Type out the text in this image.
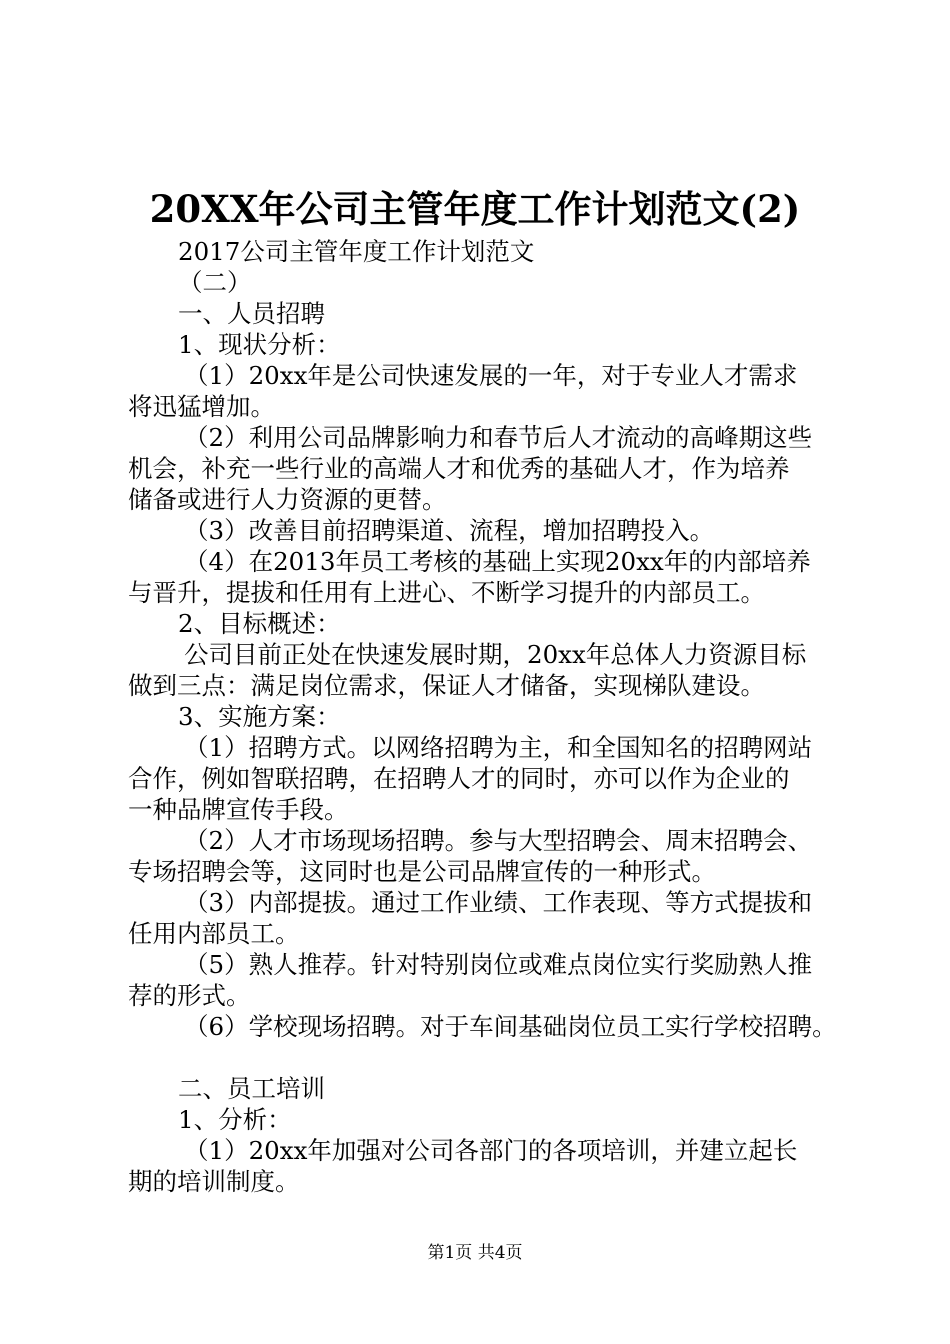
20XX年公司主管年度工作计划范文(2)

2017公司主管年度工作计划范文

（二）

一、人员招聘

1、现状分析：

（1）20xx年是公司快速发展的一年，对于专业人才需求

将迅猛增加。

（2）利用公司品牌影响力和春节后人才流动的高峰期这些

机会，补充一些行业的高端人才和优秀的基础人才，作为培养

储备或进行人力资源的更替。

（3）改善目前招聘渠道、流程，增加招聘投入。

（4）在2013年员工考核的基础上实现20xx年的内部培养

与晋升，提拔和任用有上进心、不断学习提升的内部员工。

2、目标概述：

公司目前正处在快速发展时期，20xx年总体人力资源目标

做到三点：满足岗位需求，保证人才储备，实现梯队建设。

3、实施方案：

（1）招聘方式。以网络招聘为主，和全国知名的招聘网站

合作，例如智联招聘，在招聘人才的同时，亦可以作为企业的

一种品牌宣传手段。

（2）人才市场现场招聘。参与大型招聘会、周末招聘会、

专场招聘会等，这同时也是公司品牌宣传的一种形式。

（3）内部提拔。通过工作业绩、工作表现、等方式提拔和

任用内部员工。

（5）熟人推荐。针对特别岗位或难点岗位实行奖励熟人推

荐的形式。

（6）学校现场招聘。对于车间基础岗位员工实行学校招聘。

二、员工培训

1、分析：

（1）20xx年加强对公司各部门的各项培训，并建立起长

期的培训制度。

第1页 共4页
